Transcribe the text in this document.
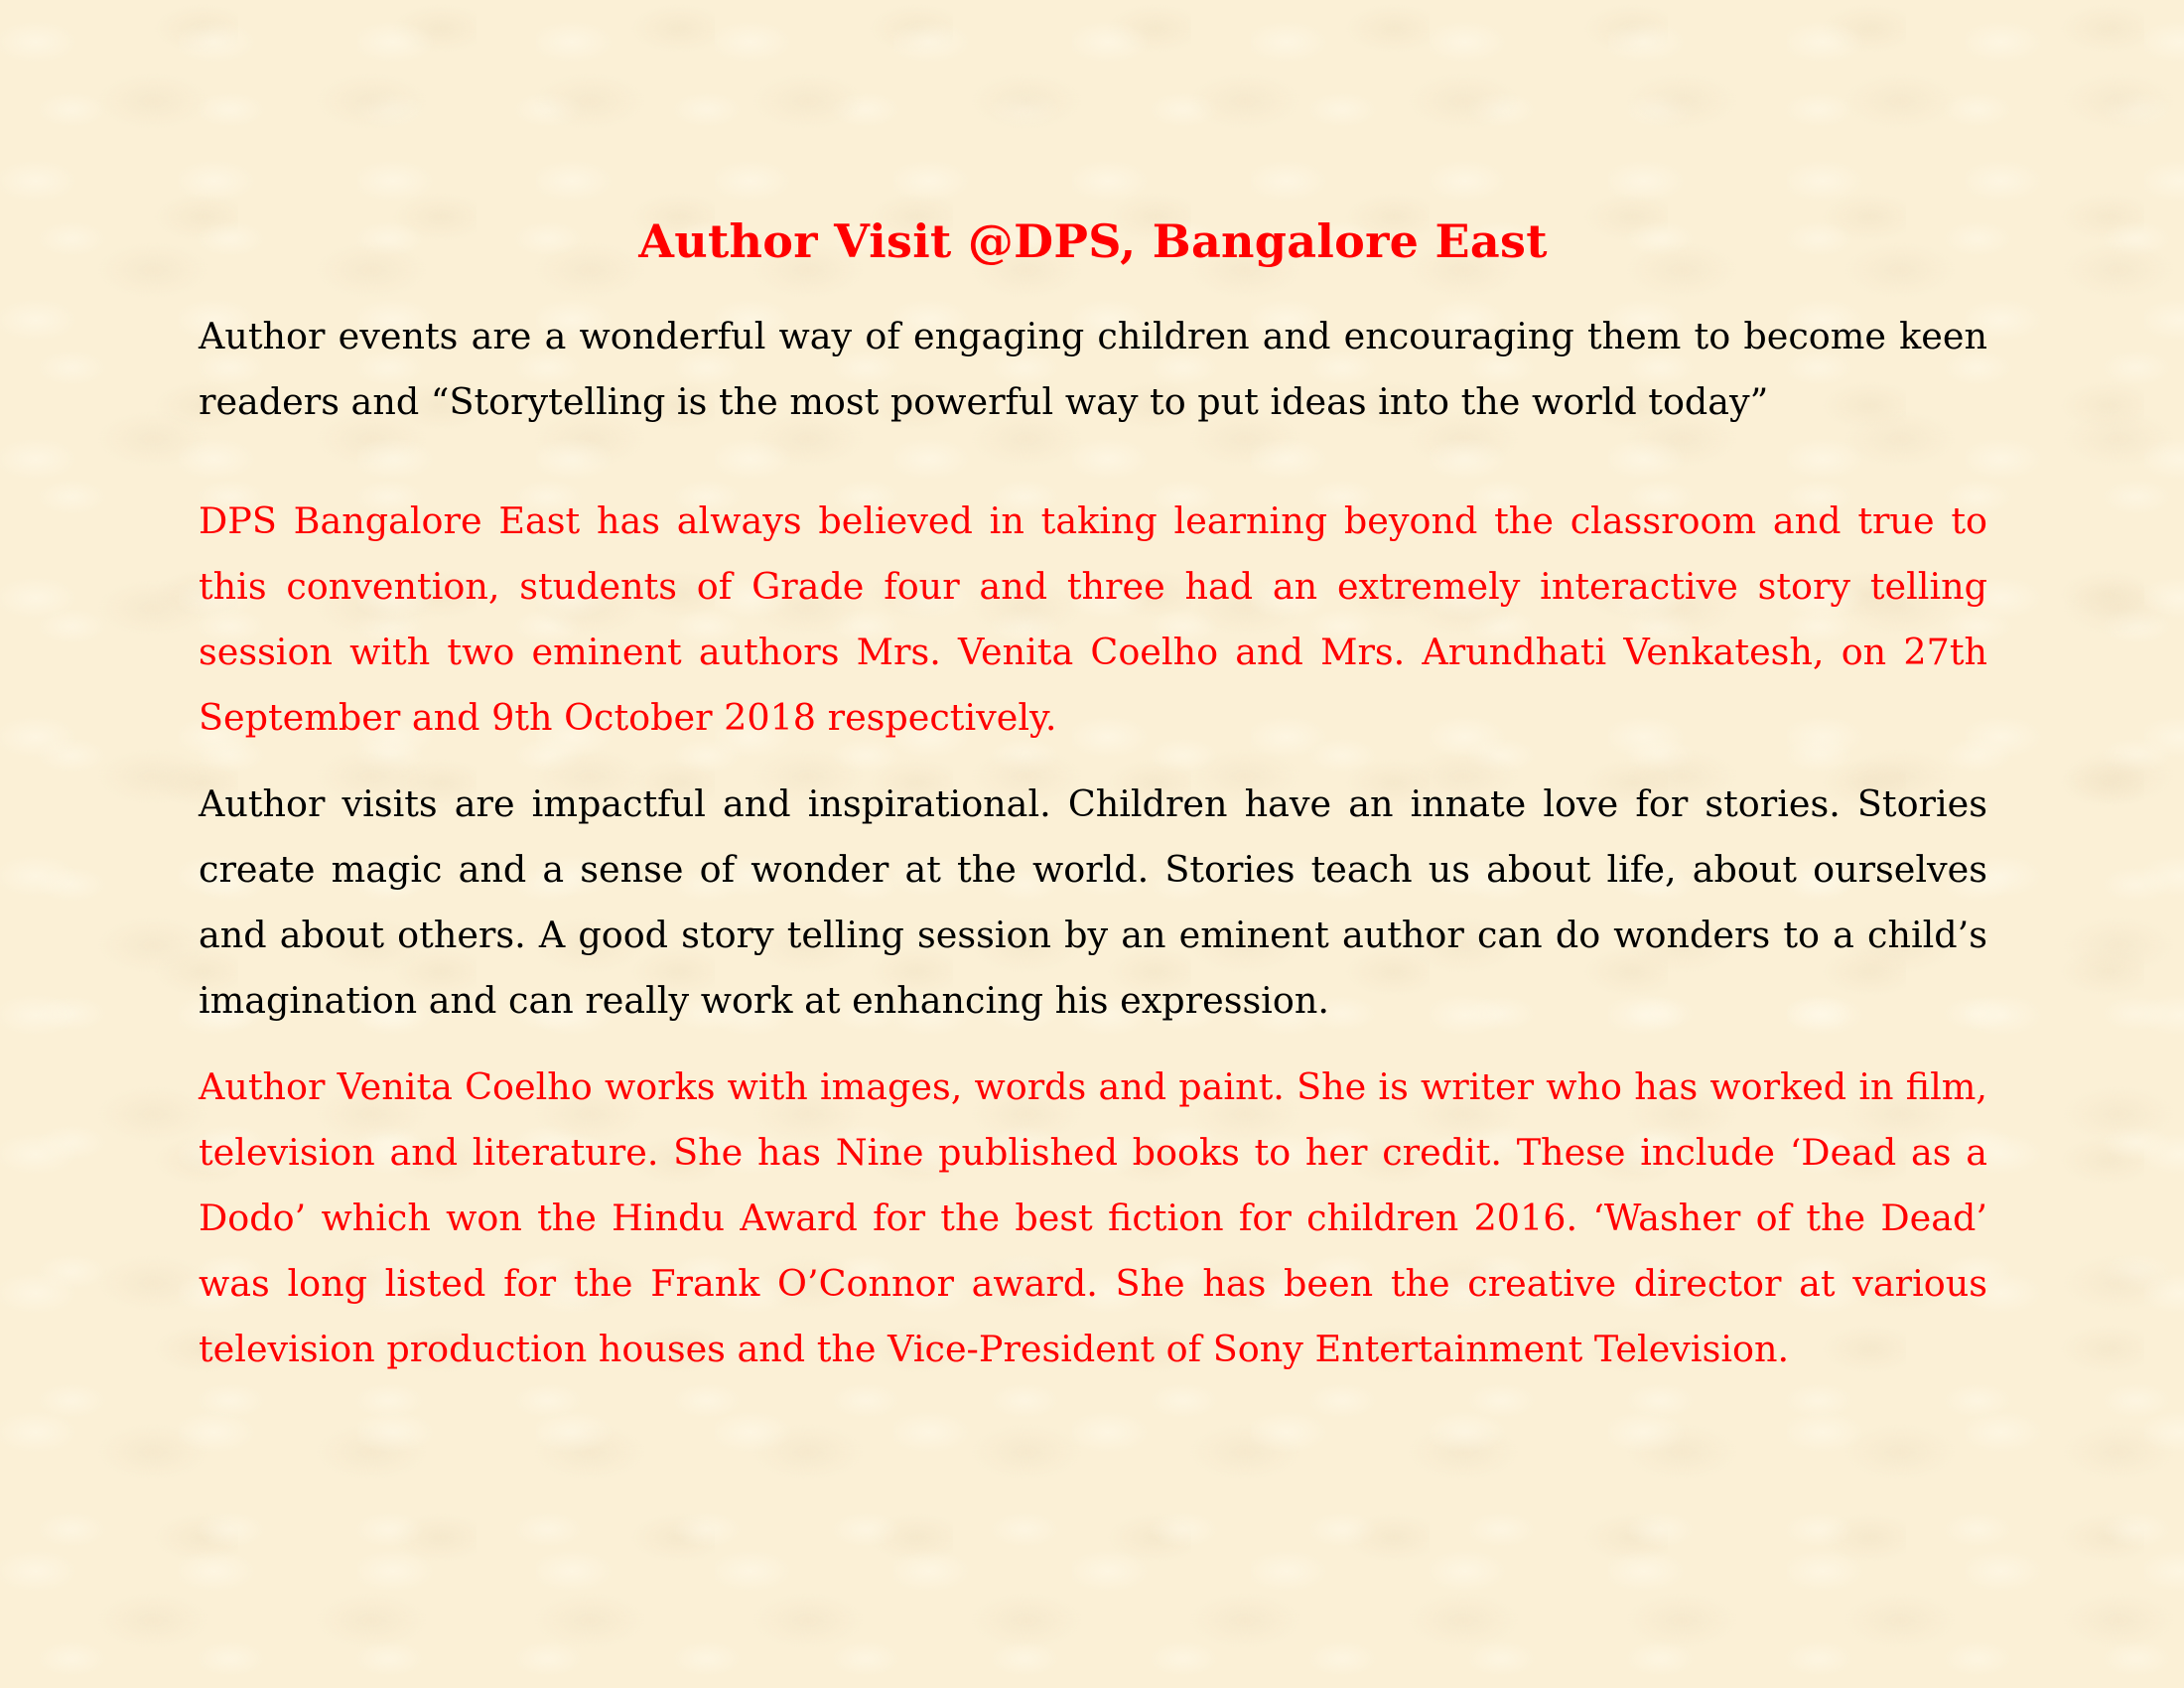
Author Visit @DPS, Bangalore East

Author events are a wonderful way of engaging children and encouraging them to become keen readers and “Storytelling is the most powerful way to put ideas into the world today”

DPS Bangalore East has always believed in taking learning beyond the classroom and true to this convention, students of Grade four and three had an extremely interactive story telling session with two eminent authors Mrs. Venita Coelho and Mrs. Arundhati Venkatesh, on 27th September and 9th October 2018 respectively.

Author visits are impactful and inspirational. Children have an innate love for stories. Stories create magic and a sense of wonder at the world. Stories teach us about life, about ourselves and about others. A good story telling session by an eminent author can do wonders to a child’s imagination and can really work at enhancing his expression.

Author Venita Coelho works with images, words and paint. She is writer who has worked in film, television and literature. She has Nine published books to her credit. These include ‘Dead as a Dodo’ which won the Hindu Award for the best fiction for children 2016. ‘Washer of the Dead’ was long listed for the Frank O’Connor award. She has been the creative director at various television production houses and the Vice-President of Sony Entertainment Television.
